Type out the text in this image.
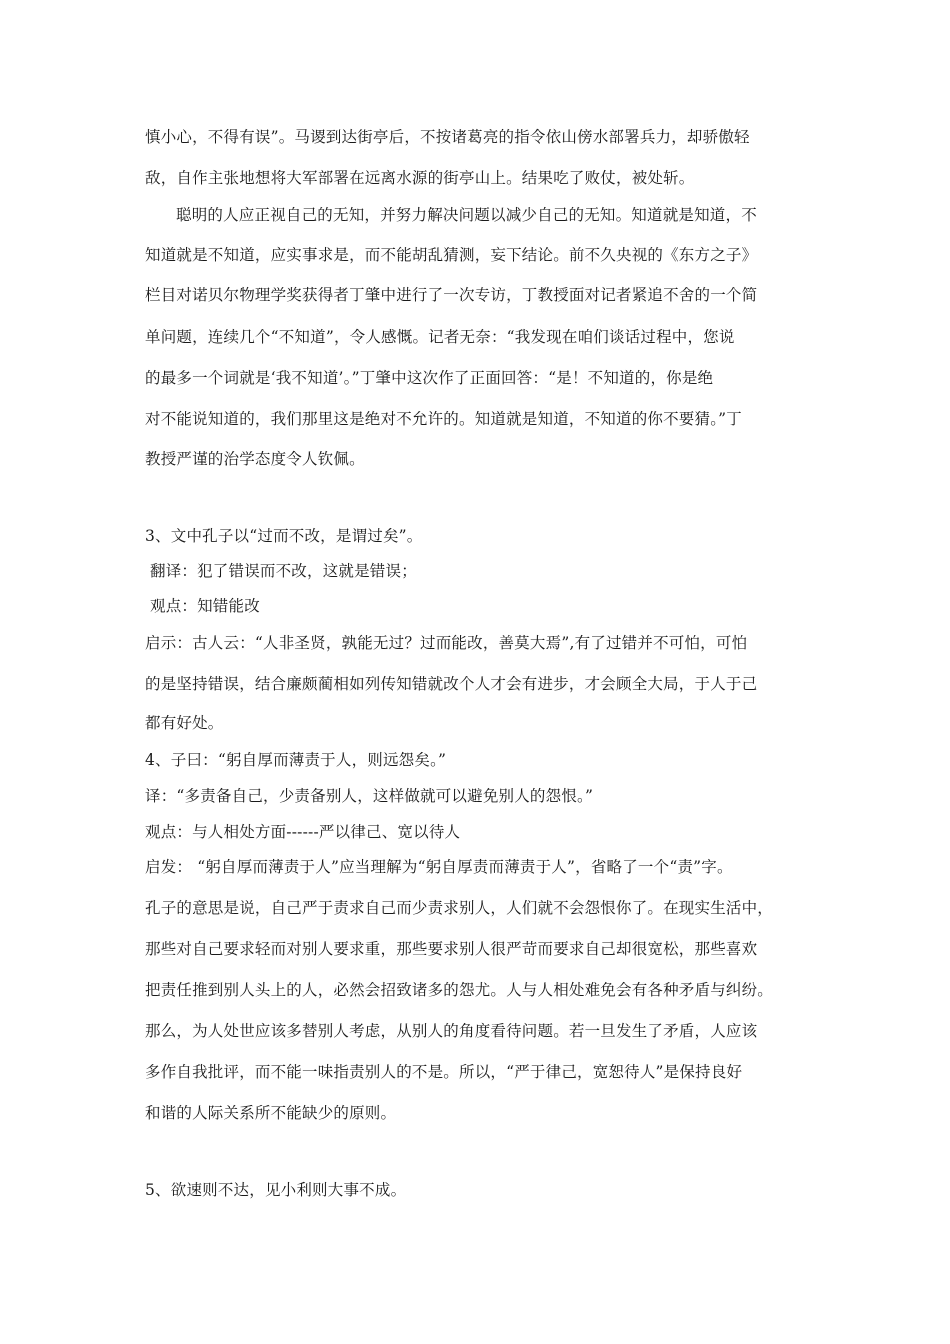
慎小心，不得有误”。马谡到达街亭后，不按诸葛亮的指令依山傍水部署兵力，却骄傲轻
敌，自作主张地想将大军部署在远离水源的街亭山上。结果吃了败仗，被处斩。
聪明的人应正视自己的无知，并努力解决问题以减少自己的无知。知道就是知道，不
知道就是不知道，应实事求是，而不能胡乱猜测，妄下结论。前不久央视的《东方之子》
栏目对诺贝尔物理学奖获得者丁肇中进行了一次专访，丁教授面对记者紧追不舍的一个简
单问题，连续几个“不知道”，令人感慨。记者无奈：“我发现在咱们谈话过程中，您说
的最多一个词就是‘我不知道’。”丁肇中这次作了正面回答：“是！不知道的，你是绝
对不能说知道的，我们那里这是绝对不允许的。知道就是知道，不知道的你不要猜。”丁
教授严谨的治学态度令人钦佩。
3、文中孔子以“过而不改，是谓过矣”。
翻译：犯了错误而不改，这就是错误；
观点：知错能改
启示：古人云：“人非圣贤，孰能无过？过而能改，善莫大焉”,有了过错并不可怕，可怕
的是坚持错误，结合廉颇蔺相如列传知错就改个人才会有进步，才会顾全大局，于人于己
都有好处。
4、子曰：“躬自厚而薄责于人，则远怨矣。”
译：“多责备自己，少责备别人，这样做就可以避免别人的怨恨。”
观点：与人相处方面------严以律己、宽以待人
启发： “躬自厚而薄责于人”应当理解为“躬自厚责而薄责于人”，省略了一个“责”字。
孔子的意思是说，自己严于责求自己而少责求别人，人们就不会怨恨你了。在现实生活中，
那些对自己要求轻而对别人要求重，那些要求别人很严苛而要求自己却很宽松，那些喜欢
把责任推到别人头上的人，必然会招致诸多的怨尤。人与人相处难免会有各种矛盾与纠纷。
那么，为人处世应该多替别人考虑，从别人的角度看待问题。若一旦发生了矛盾，人应该
多作自我批评，而不能一味指责别人的不是。所以，“严于律己，宽恕待人”是保持良好
和谐的人际关系所不能缺少的原则。
5、欲速则不达，见小利则大事不成。
